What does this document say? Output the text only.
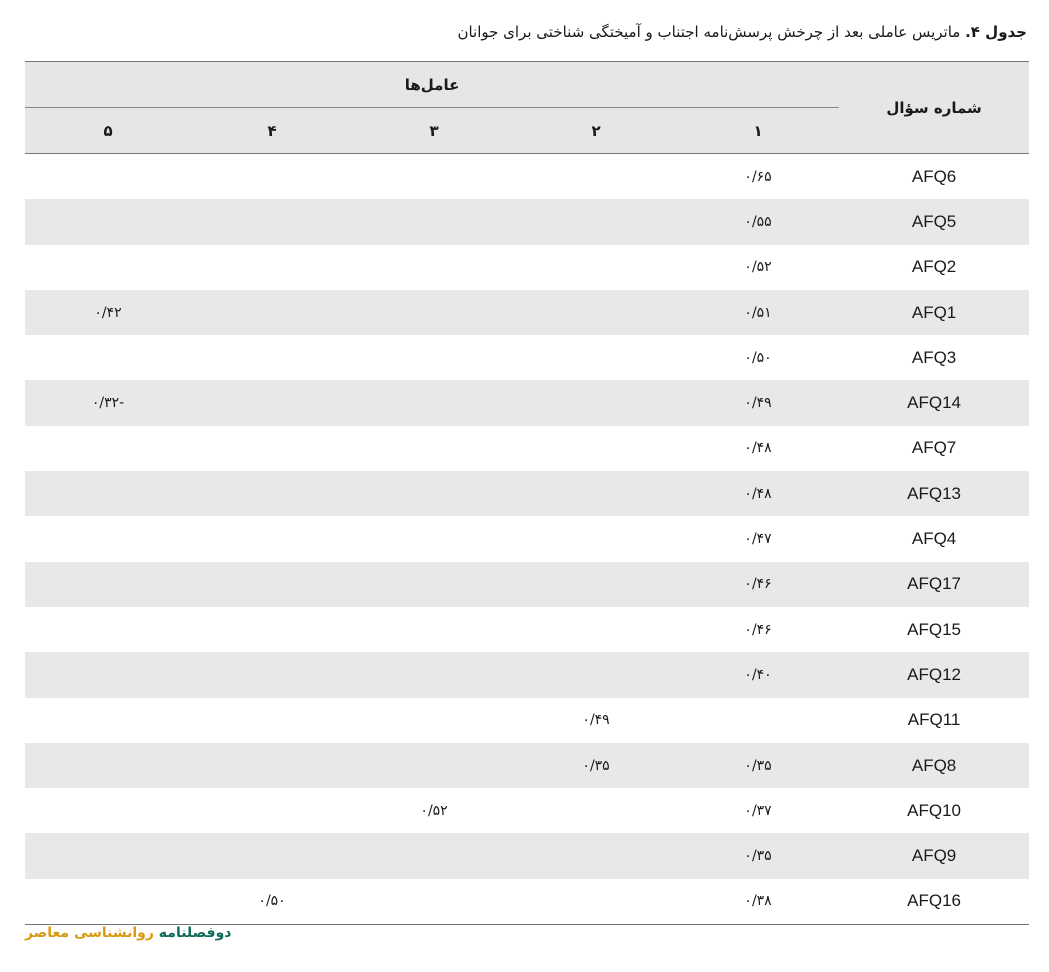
جدول ۴. ماتریس عاملی بعد از چرخش پرسش‌نامه اجتناب و آمیختگی شناختی برای جوانان
شماره سؤال	عامل‌ها				
	۱	۲	۳	۴	۵
AFQ6	۰/۶۵				
AFQ5	۰/۵۵				
AFQ2	۰/۵۲				
AFQ1	۰/۵۱				۰/۴۲
AFQ3	۰/۵۰				
AFQ14	۰/۴۹				-۰/۳۲
AFQ7	۰/۴۸				
AFQ13	۰/۴۸				
AFQ4	۰/۴۷				
AFQ17	۰/۴۶				
AFQ15	۰/۴۶				
AFQ12	۰/۴۰				
AFQ11		۰/۴۹			
AFQ8	۰/۳۵	۰/۳۵			
AFQ10	۰/۳۷		۰/۵۲		
AFQ9	۰/۳۵				
AFQ16	۰/۳۸			۰/۵۰	
دوفصلنامه روانشناسی معاصر
